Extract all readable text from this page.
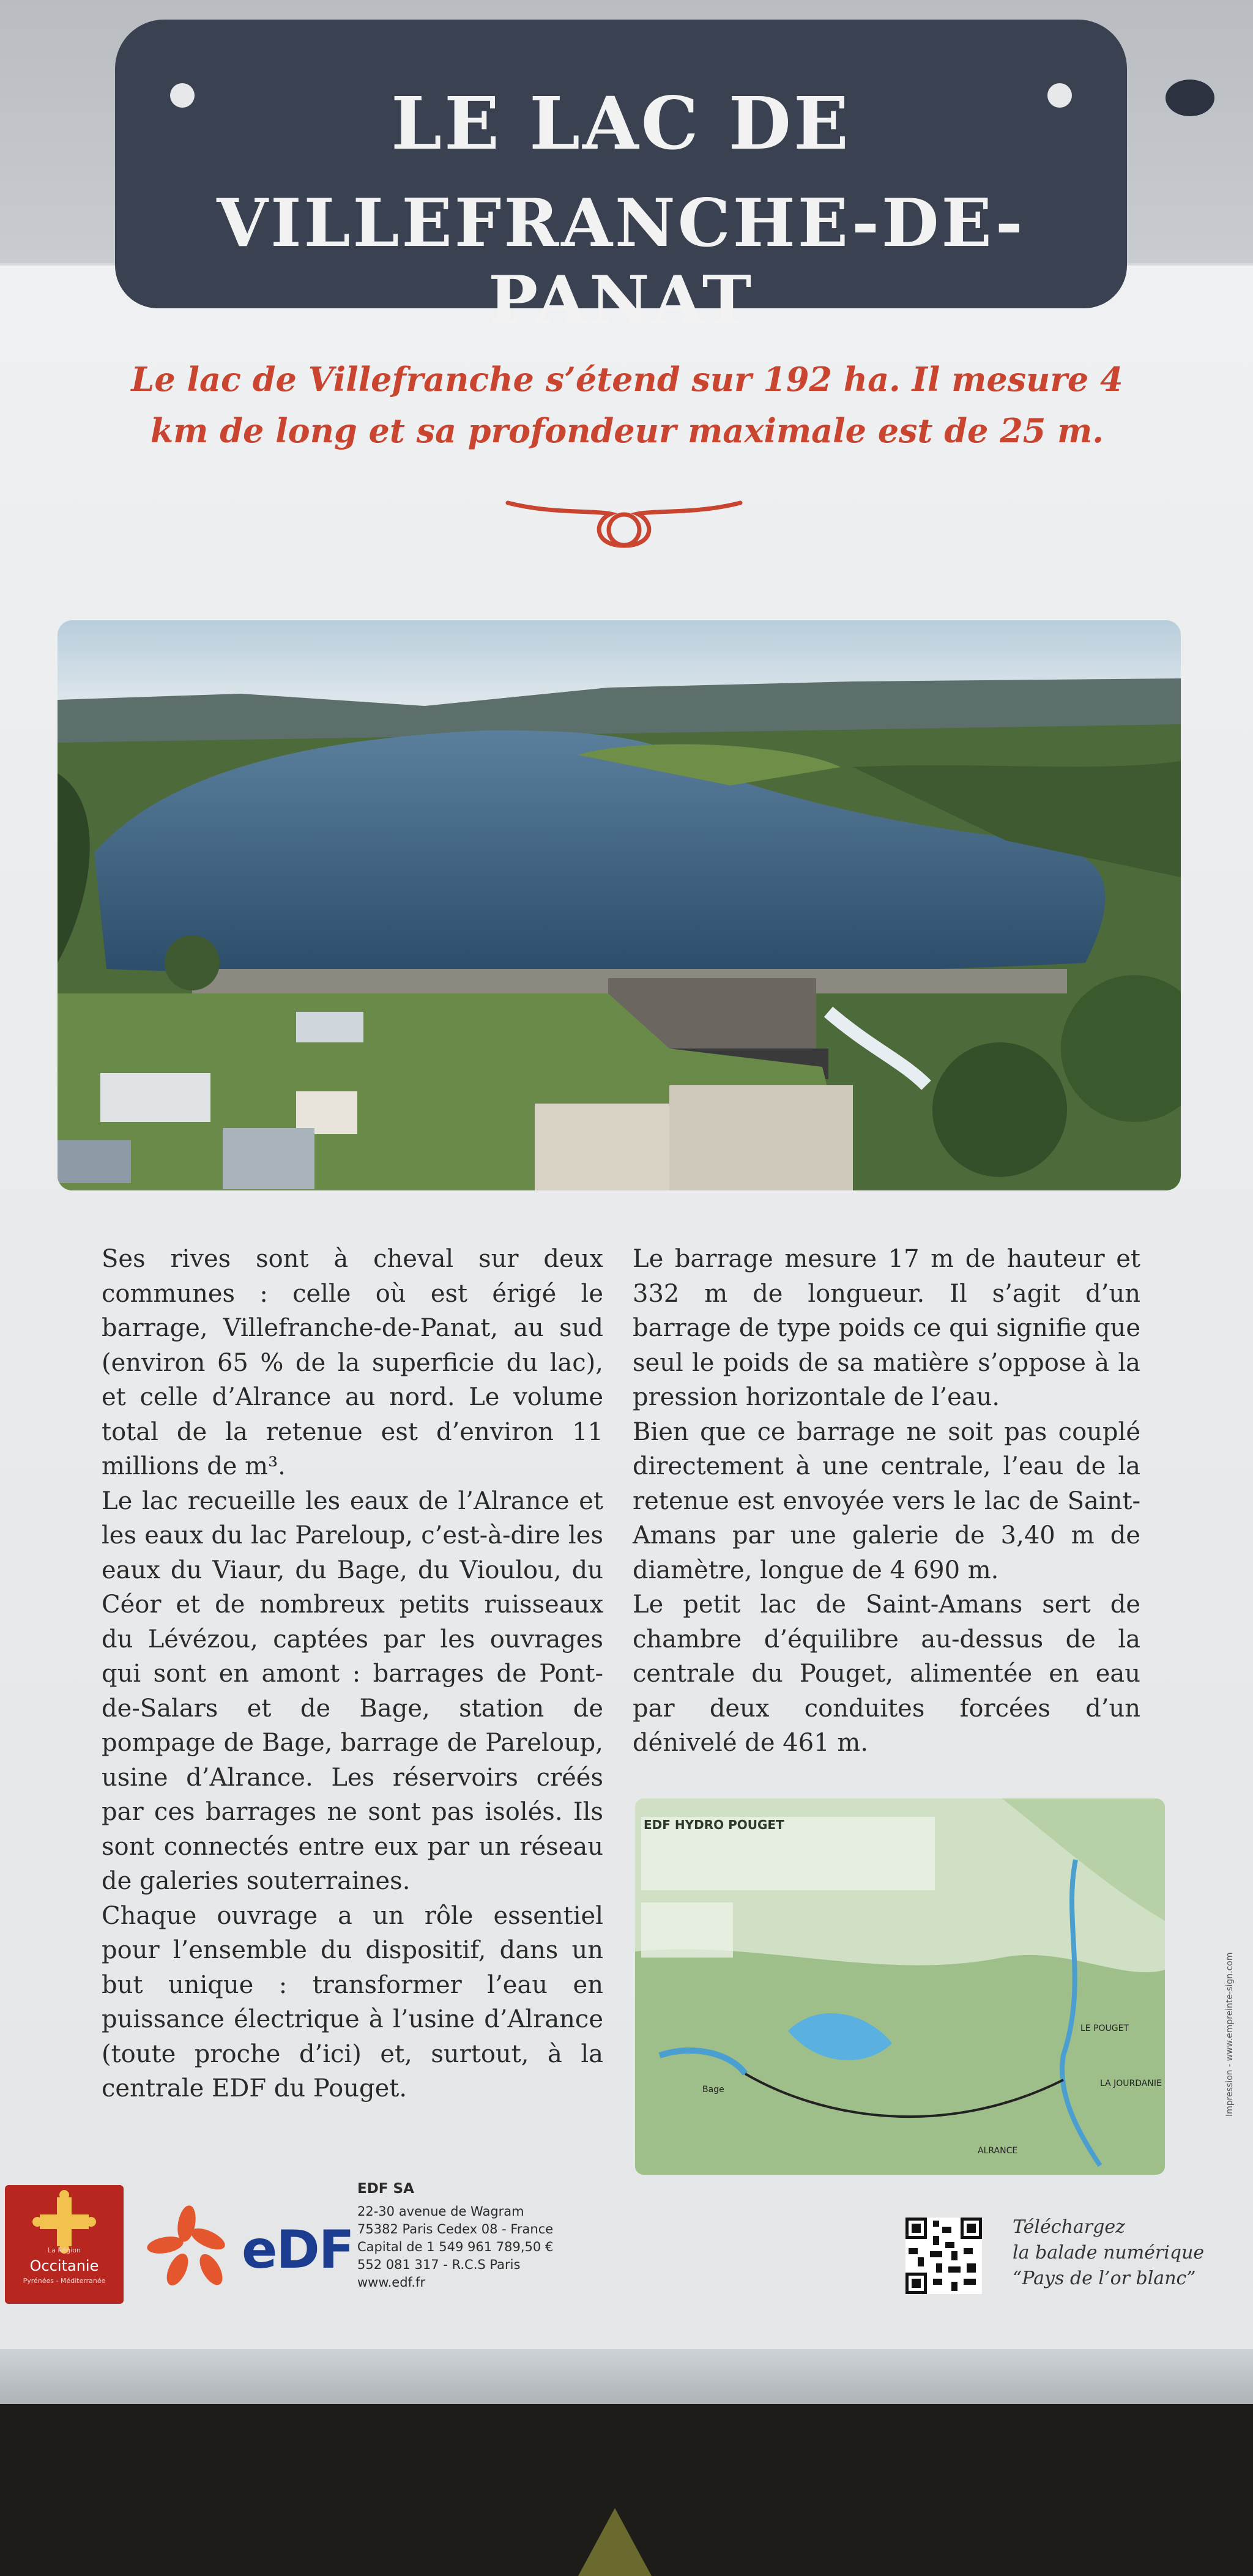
LE LAC DE
VILLEFRANCHE-DE-PANAT
Le lac de Villefranche s’étend sur 192 ha. Il mesure 4 km de long et sa profondeur maximale est de 25 m.

Ses rives sont à cheval sur deux communes : celle où est érigé le barrage, Villefranche-de-Panat, au sud (environ 65 % de la superficie du lac), et celle d’Alrance au nord. Le volume total de la retenue est d’environ 11 millions de m³.

Le lac recueille les eaux de l’Alrance et les eaux du lac Pareloup, c’est-à-dire les eaux du Viaur, du Bage, du Vioulou, du Céor et de nombreux petits ruisseaux du Lévézou, captées par les ouvrages qui sont en amont : barrages de Pont-de-Salars et de Bage, station de pompage de Bage, barrage de Pareloup, usine d’Alrance. Les réservoirs créés par ces barrages ne sont pas isolés. Ils sont connectés entre eux par un réseau de galeries souterraines.

Chaque ouvrage a un rôle essentiel pour l’ensemble du dispositif, dans un but unique : transformer l’eau en puissance électrique à l’usine d’Alrance (toute proche d’ici) et, surtout, à la centrale EDF du Pouget.

Le barrage mesure 17 m de hauteur et 332 m de longueur. Il s’agit d’un barrage de type poids ce qui signifie que seul le poids de sa matière s’oppose à la pression horizontale de l’eau.

Bien que ce barrage ne soit pas couplé directement à une centrale, l’eau de la retenue est envoyée vers le lac de Saint-Amans par une galerie de 3,40 m de diamètre, longue de 4 690 m.

Le petit lac de Saint-Amans sert de chambre d’équilibre au-dessus de la centrale du Pouget, alimentée en eau par deux conduites forcées d’un dénivelé de 461 m.

EDF HYDRO POUGET
LE POUGET
ALRANCE
LA JOURDANIE
Bage
La Région
Occitanie
Pyrénées - Méditerranée
eDF
EDF SA
22-30 avenue de Wagram
75382 Paris Cedex 08 - France
Capital de 1 549 961 789,50 €
552 081 317 - R.C.S Paris
www.edf.fr
Téléchargez
la balade numérique
“Pays de l’or blanc”
Impression - www.empreinte-sign.com
